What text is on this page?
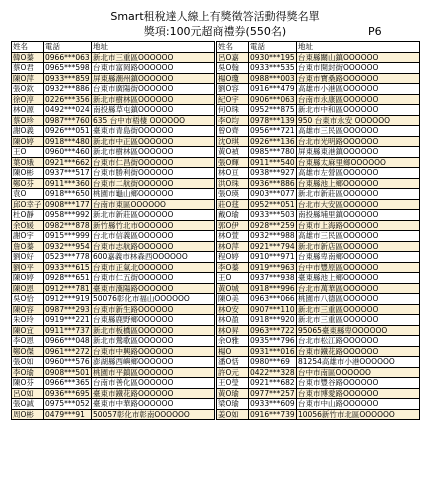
Smart租稅達人線上有獎徵答活動得獎名單
獎項:100元超商禮券(550名)	P6
姓名	電話	地址		姓名	電話	地址
韓O蓁	0966***063	新北市三重區OOOOOO		呂O嘉	0930***195	台東縣關山鎮OOOOOO
蔡O君	0965***598	台東市富岡路OOOOOO		吳O翰	0933***535	台東市開封街OOOOOO
陳O萍	0933***859	屏東縣潮州鎮OOOOOO		楊O瓊	0988***003	台東市寶桑路OOOOOO
張O欽	0932***886	台東市廣陽街OOOOOO		劉O容	0916***479	高雄市小港區OOOOOO
徐O淳	0226***356	新北市樹林區OOOOOO		紀O宇	0906***063	台南市永康區OOOOOO
林O源	0492***024	南投縣草屯鎮OOOOOO		何O珠	0952***875	新北市中和區OOOOOO
蔡O珍	0987***760	635 台中市梧棲 OOOOOO		李O均	0978***139	950 台東市永安 OOOOOO
謝O義	0926***051	臺東市青島街OOOOOO		曾O齊	0956***721	高雄市三民區OOOOOO
陳O婷	0918***480	新北市中正區OOOOOO		沈O琪	0926***136	台北市光明路OOOOOO
王O	0960***460	新北市樹林區OOOOOO		黃O禎	0985***780	屏東縣東港鎮OOOOOO
葉O娥	0921***662	台東市仁昌街OOOOOO		張O輝	0911***540	台東縣太麻里鄉OOOOOO
陳O彬	0937***517	台東市勝利街OOOOOO		林O亘	0938***927	高雄市左營區OOOOOO
鄭O芬	0911***360	台東市二航街OOOOOO		洪O珠	0936***886	台東縣池上鄉OOOOOO
袁O	0918***650	桃園市龜山鄉OOOOOO		張O瑛	0903***077	新北市新莊區OOOOOO
邱O幸子	0908***177	台南市東區OOOOOO		莊O莛	0952***051	台北市大安區OOOOOO
杜O靜	0958***992	新北市新莊區OOOOOO		戴O瑜	0933***503	南投縣埔里鎮OOOOOO
余O媛	0982***878	新竹縣竹北市OOOOOO		郭O伊	0928***259	台東市上海路OOOOOO
謝O宇	0915***999	台北市信義區OOOOOO		林O萱	0932***988	高雄市三民區OOOOOO
詹O蓁	0932***954	台東市志航路OOOOOO		林O萍	0921***794	新北市新店區OOOOOO
劉O好	0523***778	600嘉義市林森西OOOOOO		程O婷	0910***971	台東縣卑南鄉OOOOOO
劉O平	0933***615	台東市正氣北OOOOOO		李O蓁	0919***963	台中市豐原區OOOOOO
陳O婷	0928***651	台東市仁五街OOOOOO		王O	0937***938	臺東縣池上鄉OOOOOO
陳O恩	0912***781	臺東市漢陽路OOOOOO		黃O城	0918***996	台北市萬華區OOOOOO
吳O恰	0912***919	50076彰化市福山OOOOOO		陳O美	0963***066	桃園市八德區OOOOOO
陳O容	0987***293	台東市新生路OOOOOO		林O安	0907***110	新北市三重區OOOOOO
朱O玲	0919***221	台東縣鹿野鄉OOOOOO		林O盈	0918***920	新北市三重區OOOOOO
陳O宜	0911***737	新北市板橋區OOOOOO		林O昇	0963***722	95065臺東縣卑OOOOOO
李O恩	0966***048	新北市鶯歌區OOOOOO		余O雅	0935***796	台北市松江路OOOOOO
鄭O傑	0961***272	台東市中興路OOOOOO		楊O	0931***016	台東市鐵花路OOOOOO
張O如	0960***576	澎湖縣西嶼鄉OOOOOO		潘O恬	0980***69	81254高雄市小港OOOOOO
李O瑜	0908***501	桃園市平鎮區OOOOOO		許O元	0422***328	台中市南區OOOOOO
陳O芬	0966***365	台南市善化區OOOOOO		王O瑩	0921***682	台東市豐谷路OOOOOO
呂O如	0936***695	臺東市鐵花路OOOOOO		黃O瑜	0977***257	台東市博愛路OOOOOO
張O誠	0975***052	臺東市中華路OOOOOO		梁O瑜	0933***609	台東市中山路OOOOOO
周O彬	0479***91	50057彰化市彰南OOOOOO		姜O如	0916***739	10056新竹市北區OOOOOO
